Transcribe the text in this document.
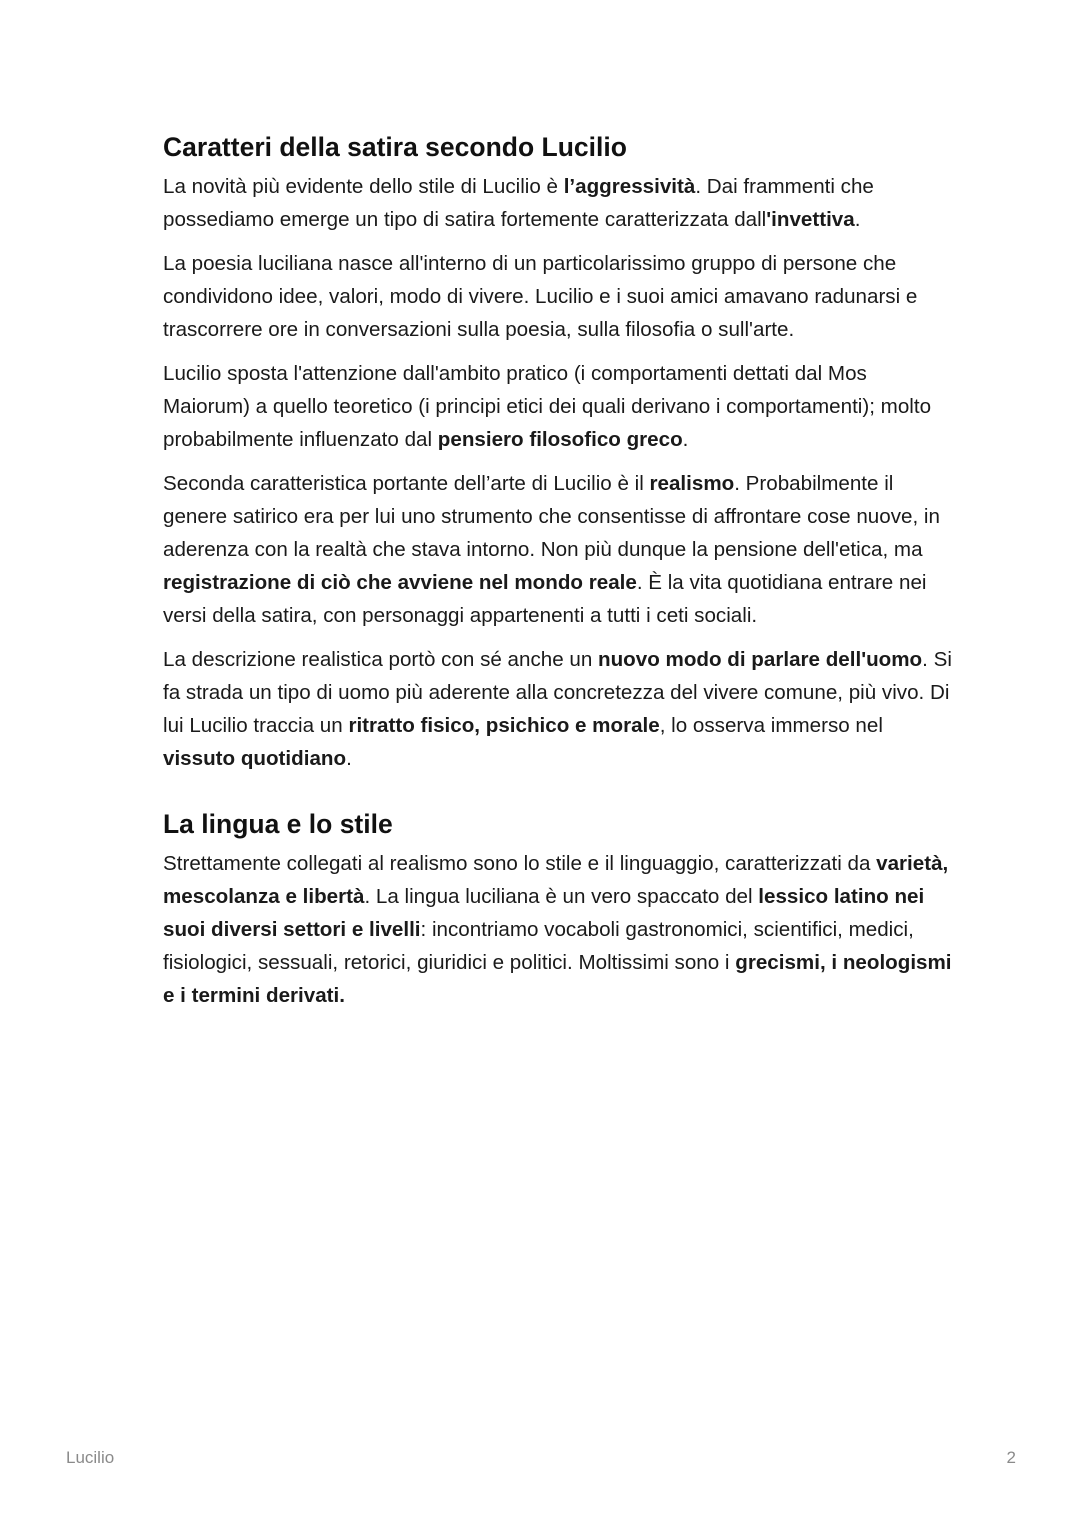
Caratteri della satira secondo Lucilio

La novità più evidente dello stile di Lucilio è l’aggressività. Dai frammenti che possediamo emerge un tipo di satira fortemente caratterizzata dall'invettiva.

La poesia luciliana nasce all'interno di un particolarissimo gruppo di persone che condividono idee, valori, modo di vivere. Lucilio e i suoi amici amavano radunarsi e trascorrere ore in conversazioni sulla poesia, sulla filosofia o sull'arte.

Lucilio sposta l'attenzione dall'ambito pratico (i comportamenti dettati dal Mos Maiorum) a quello teoretico (i principi etici dei quali derivano i comportamenti); molto probabilmente influenzato dal pensiero filosofico greco.

Seconda caratteristica portante dell’arte di Lucilio è il realismo. Probabilmente il genere satirico era per lui uno strumento che consentisse di affrontare cose nuove, in aderenza con la realtà che stava intorno. Non più dunque la pensione dell'etica, ma registrazione di ciò che avviene nel mondo reale. È la vita quotidiana entrare nei versi della satira, con personaggi appartenenti a tutti i ceti sociali.

La descrizione realistica portò con sé anche un nuovo modo di parlare dell'uomo. Si fa strada un tipo di uomo più aderente alla concretezza del vivere comune, più vivo. Di lui Lucilio traccia un ritratto fisico, psichico e morale, lo osserva immerso nel vissuto quotidiano.

La lingua e lo stile

Strettamente collegati al realismo sono lo stile e il linguaggio, caratterizzati da varietà, mescolanza e libertà. La lingua luciliana è un vero spaccato del lessico latino nei suoi diversi settori e livelli: incontriamo vocaboli gastronomici, scientifici, medici, fisiologici, sessuali, retorici, giuridici e politici. Moltissimi sono i grecismi, i neologismi e i termini derivati.

Lucilio	2
